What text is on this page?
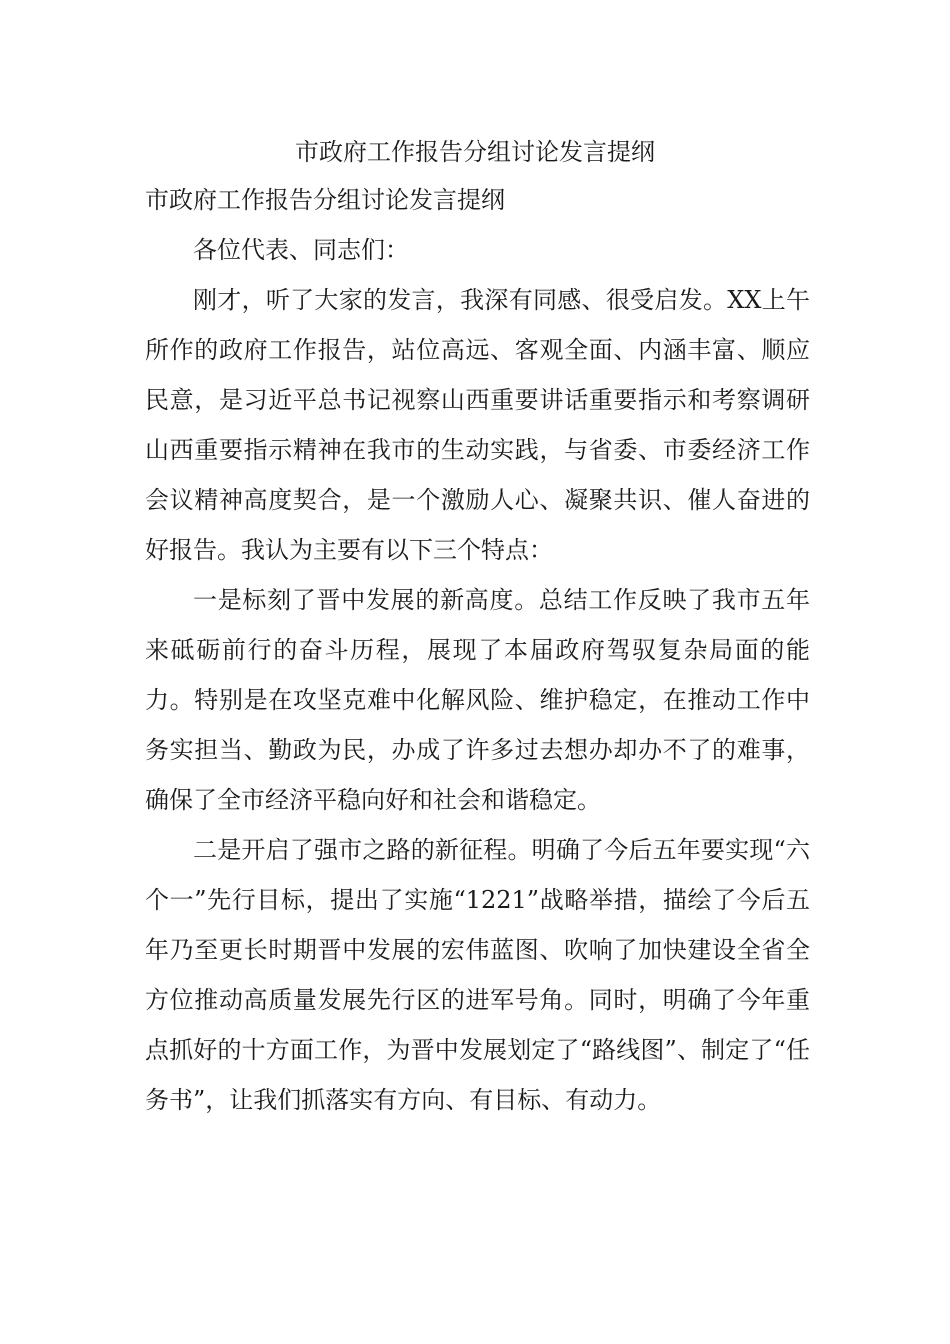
市政府工作报告分组讨论发言提纲
市政府工作报告分组讨论发言提纲

各位代表、同志们：

刚才，听了大家的发言，我深有同感、很受启发。XX上午所作的政府工作报告，站位高远、客观全面、内涵丰富、顺应民意，是习近平总书记视察山西重要讲话重要指示和考察调研山西重要指示精神在我市的生动实践，与省委、市委经济工作会议精神高度契合，是一个激励人心、凝聚共识、催人奋进的好报告。我认为主要有以下三个特点：

一是标刻了晋中发展的新高度。总结工作反映了我市五年来砥砺前行的奋斗历程，展现了本届政府驾驭复杂局面的能力。特别是在攻坚克难中化解风险、维护稳定，在推动工作中务实担当、勤政为民，办成了许多过去想办却办不了的难事，确保了全市经济平稳向好和社会和谐稳定。

二是开启了强市之路的新征程。明确了今后五年要实现“六个一”先行目标，提出了实施“1221”战略举措，描绘了今后五年乃至更长时期晋中发展的宏伟蓝图、吹响了加快建设全省全方位推动高质量发展先行区的进军号角。同时，明确了今年重点抓好的十方面工作，为晋中发展划定了“路线图”、制定了“任务书”，让我们抓落实有方向、有目标、有动力。
